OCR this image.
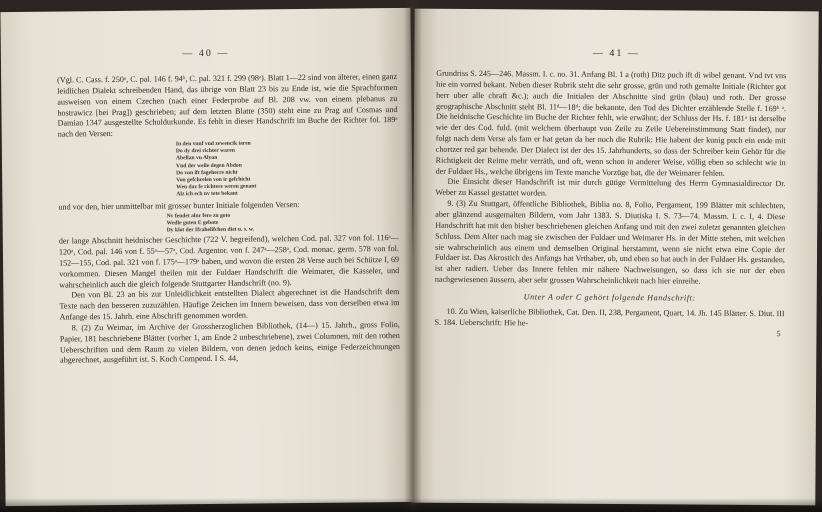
— 40 —

(Vgl. C. Cass. f. 250ᵃ, C. pal. 146 f. 94ᵇ, C. pal. 321 f. 299 (98ᵃ). Blatt 1—22 sind von älterer, einen ganz leidlichen Dialekt schreibenden Hand, das übrige von Blatt 23 bis zu Ende ist, wie die Sprachformen ausweisen von einem Czechen (nach einer Federprobe auf Bl. 208 vw. von einem plebanus zu hostrawicz [bei Prag]) geschrieben; auf dem letzten Blatte (350) steht eine zu Prag auf Cosmas und Damian 1347 ausgestellte Schuldurkunde. Es fehlt in dieser Handschrift im Buche der Richter fol. 189ᵃ nach den Versen:

In den vnnf vnd zewencik iaren
Do dy drei richter waren
Abellan vu Alyon
Vnd der weile degen Abdon
Do von ift fagehecre nicht
Von gefchrelen von ir gefchicht
Wen daz fe richtere weren genant
Alz ich ech nv tete bekant

und vor den, hier unmittelbar mit grosser bunter Initiale folgenden Versen:

Nv fendet alnr fere zu goto
Wedle guten E gebote
Dy klot der Ifrahelifchen diet u. s. w.

der lange Abschnitt heidnischer Geschichte (722 V. hegreifend), welchen Cod. pal. 327 von fol. 116ᵃ—120ᵃ, Cod. pal. 146 von f. 55ᵃ—57ᵃ, Cod. Argentor. von f. 247ᵃ—258ᵃ, Cod. monac. germ. 578 von fol. 152—155, Cod. pal. 321 von f. 175ᵃ—179ᵃ haben, und wovon die ersten 28 Verse auch bei Schütze I, 69 vorkommen. Diesen Mangel theilen mit der Fuldaer Handschrift die Weimarer, die Kasseler, und wahrscheinlich auch die gleich folgende Stuttgarter Handschrift (no. 9).

Den von Bl. 23 an bis zur Unleidlichkeit entstellten Dialect abgerechnet ist die Handschrift dem Texte nach den besseren zuzuzählen. Häufige Zeichen im Innern beweisen, dass von derselben etwa im Anfange des 15. Jahrh. eine Abschrift genommen worden.

8. (2) Zu Weimar, im Archive der Grossherzoglichen Bibliothek, (14—) 15. Jahrh., gross Folio, Papier, 181 beschriebene Blätter (vorher 1, am Ende 2 unbeschriebene), zwei Columnen, mit den rothen Ueberschriften und dem Raum zu vielen Bildern, von denen jedoch keins, einige Federzeichnungen abgerechnet, ausgeführt ist. S. Koch Compend. I S. 44,

— 41 —

Grundriss S. 245—246. Massm. I. c. no. 31. Anfang Bl. 1 a (roth) Ditz puch ift di wibel genant. Vnd tvt vns hie ein vorred bekant. Neben dieser Rubrik steht die sehr grosse, grün und roth gemalte Initiale (Richter got herr uber alle chraft &c.); auch die Initialen der Abschnitte sind grün (blau) und roth. Der grosse geographische Abschnitt steht Bl. 11ᵈ—18ᵈ; die bekannte, den Tod des Dichter erzählende Stelle f. 169ᵇ ᵃ. Die heidnische Geschichte im Buche der Richter fehlt, wie erwähnt; der Schluss der Hs. f. 181ᵃ ist derselbe wie der des Cod. fuld. (mit welchem überhaupt von Zeile zu Zeile Uebereinstimmung Statt findet), nur folgt nach dem Verse als fam er hat getan da her noch die Rubrik: Hie habent der kunig puch ein ende mit chortzer red gar behende. Der Dialect ist der des 15. Jahrhunderts, so dass der Schreiber kein Gehör für die Richtigkeit der Reime mehr verräth, und oft, wenn schon in anderer Weise, völlig eben so schlecht wie in der Fuldaer Hs., welche übrigens im Texte manche Vorzüge hat, die der Weimarer fehlen.

Die Einsicht dieser Handschrift ist mir durch gütige Vermittelung des Herrn Gymnasialdirector Dr. Weber zu Kassel gestattet worden.

9. (3) Zu Stuttgart, öffentliche Bibliothek, Biblia no. 8, Folio, Pergament, 199 Blätter mit schlechten, aber glänzend ausgemalten Bildern, vom Jahr 1383. S. Diutiska I. S. 73—74. Massm. I. c. I, 4. Diese Handschrift hat mit den bisher beschriebenen gleichen Anfang und mit den zwei zuletzt genannten gleichen Schluss. Dem Alter nach mag sie zwischen der Fuldaer und Weimarer Hs. in der Mitte stehen, mit welchen sie wahrscheinlich aus einem und demselben Original herstammt, wenn sie nicht etwa eine Copie der Fuldaer ist. Das Akrostich des Anfangs hat Vrthaber, ub, und eben so hat auch in der Fuldaer Hs. gestanden, ist aber radiert. Ueber das Innere fehlen mir nähere Nachweisungen, so dass ich sie nur der eben nachgewiesenen äussern, aber sehr grossen Wahrscheinlichkeit nach hier einreihe.

Unter A oder C gehört folgende Handschrift:

10. Zu Wien, kaiserliche Bibliothek, Cat. Den. II, 238, Pergament, Quart, 14. Jh. 145 Blätter. S. Diut. III S. 184. Ueberschrift: Hie he-

5
